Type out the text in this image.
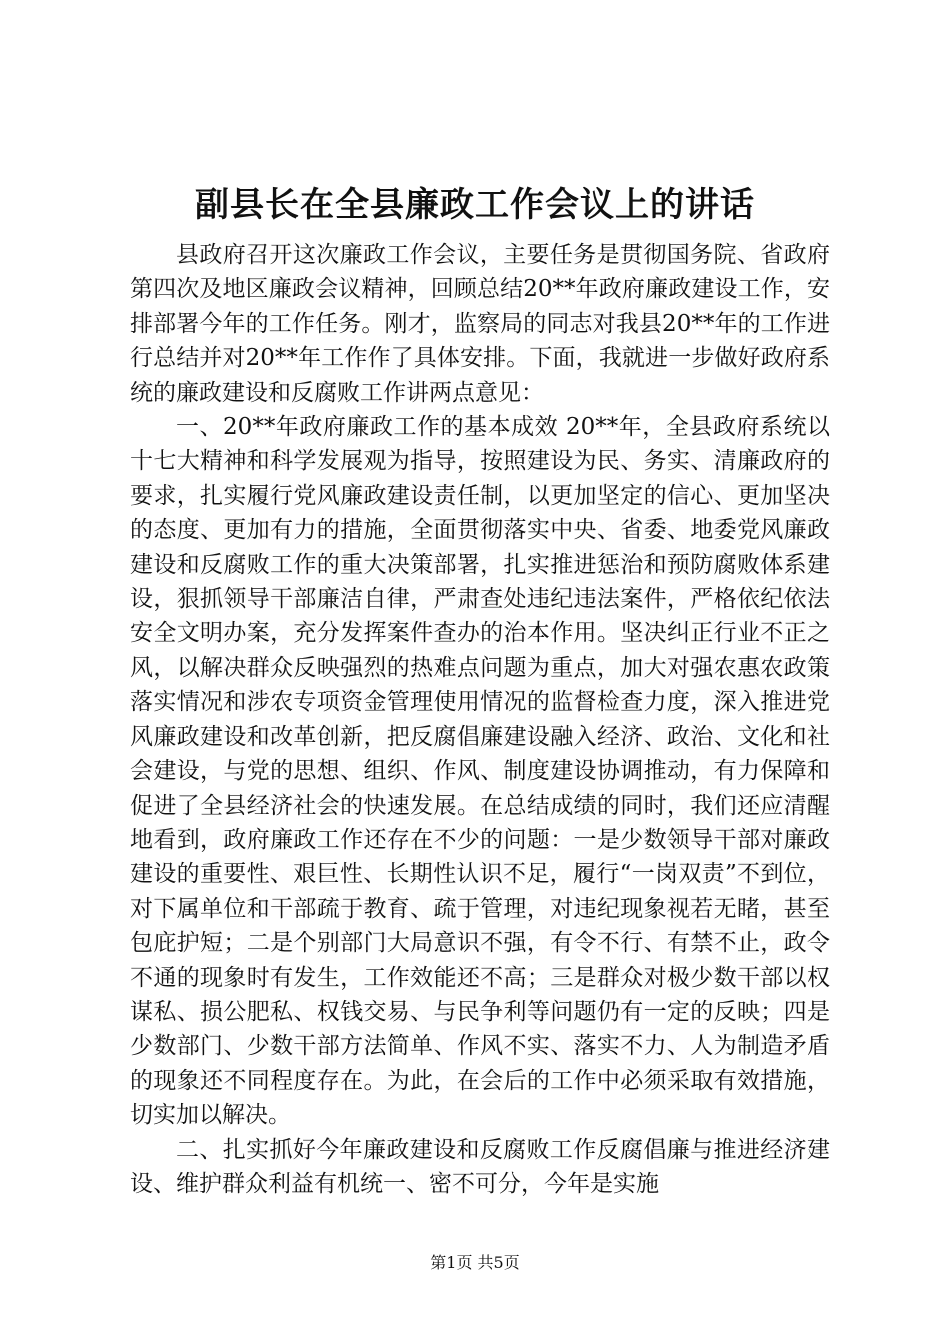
副县长在全县廉政工作会议上的讲话

县政府召开这次廉政工作会议，主要任务是贯彻国务院、省政府第四次及地区廉政会议精神，回顾总结20**年政府廉政建设工作，安排部署今年的工作任务。刚才，监察局的同志对我县20**年的工作进行总结并对20**年工作作了具体安排。下面，我就进一步做好政府系统的廉政建设和反腐败工作讲两点意见：

一、20**年政府廉政工作的基本成效 20**年，全县政府系统以十七大精神和科学发展观为指导，按照建设为民、务实、清廉政府的要求，扎实履行党风廉政建设责任制，以更加坚定的信心、更加坚决的态度、更加有力的措施，全面贯彻落实中央、省委、地委党风廉政建设和反腐败工作的重大决策部署，扎实推进惩治和预防腐败体系建设，狠抓领导干部廉洁自律，严肃查处违纪违法案件，严格依纪依法安全文明办案，充分发挥案件查办的治本作用。坚决纠正行业不正之风，以解决群众反映强烈的热难点问题为重点，加大对强农惠农政策落实情况和涉农专项资金管理使用情况的监督检查力度，深入推进党风廉政建设和改革创新，把反腐倡廉建设融入经济、政治、文化和社会建设，与党的思想、组织、作风、制度建设协调推动，有力保障和促进了全县经济社会的快速发展。在总结成绩的同时，我们还应清醒地看到，政府廉政工作还存在不少的问题：一是少数领导干部对廉政建设的重要性、艰巨性、长期性认识不足，履行“一岗双责”不到位，对下属单位和干部疏于教育、疏于管理，对违纪现象视若无睹，甚至包庇护短；二是个别部门大局意识不强，有令不行、有禁不止，政令不通的现象时有发生，工作效能还不高；三是群众对极少数干部以权谋私、损公肥私、权钱交易、与民争利等问题仍有一定的反映；四是少数部门、少数干部方法简单、作风不实、落实不力、人为制造矛盾的现象还不同程度存在。为此，在会后的工作中必须采取有效措施，切实加以解决。

二、扎实抓好今年廉政建设和反腐败工作反腐倡廉与推进经济建设、维护群众利益有机统一、密不可分，今年是实施

第1页 共5页
